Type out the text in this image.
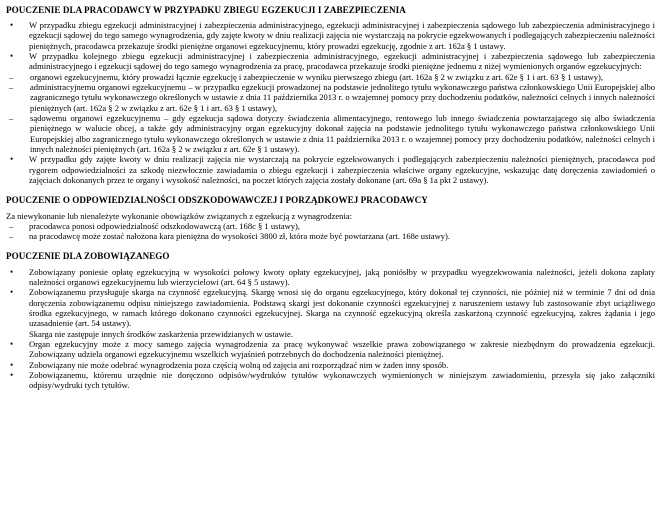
POUCZENIE DLA PRACODAWCY W PRZYPADKU ZBIEGU EGZEKUCJI I ZABEZPIECZENIA
• W przypadku zbiegu egzekucji administracyjnej i zabezpieczenia administracyjnego, egzekucji administracyjnej i zabezpieczenia sądowego lub zabezpieczenia administracyjnego i egzekucji sądowej do tego samego wynagrodzenia, gdy zajęte kwoty w dniu realizacji zajęcia nie wystarczają na pokrycie egzekwowanych i podlegających zabezpieczeniu należności pieniężnych, pracodawca przekazuje środki pieniężne organowi egzekucyjnemu, który prowadzi egzekucję, zgodnie z art. 162a § 1 ustawy.
• W przypadku kolejnego zbiegu egzekucji administracyjnej i zabezpieczenia administracyjnego, egzekucji administracyjnej i zabezpieczenia sądowego lub zabezpieczenia administracyjnego i egzekucji sądowej do tego samego wynagrodzenia za pracę, pracodawca przekazuje środki pieniężne jednemu z niżej wymienionych organów egzekucyjnych:
– organowi egzekucyjnemu, który prowadzi łącznie egzekucję i zabezpieczenie w wyniku pierwszego zbiegu (art. 162a § 2 w związku z art. 62e § 1 i art. 63 § 1 ustawy),
– administracyjnemu organowi egzekucyjnemu – w przypadku egzekucji prowadzonej na podstawie jednolitego tytułu wykonawczego państwa członkowskiego Unii Europejskiej albo zagranicznego tytułu wykonawczego określonych w ustawie z dnia 11 października 2013 r. o wzajemnej pomocy przy dochodzeniu podatków, należności celnych i innych należności pieniężnych (art. 162a § 2 w związku z art. 62e § 1 i art. 63 § 1 ustawy),
– sądowemu organowi egzekucyjnemu – gdy egzekucja sądowa dotyczy świadczenia alimentacyjnego, rentowego lub innego świadczenia powtarzającego się albo świadczenia pieniężnego w walucie obcej, a także gdy administracyjny organ egzekucyjny dokonał zajęcia na podstawie jednolitego tytułu wykonawczego państwa członkowskiego Unii Europejskiej albo zagranicznego tytułu wykonawczego określonych w ustawie z dnia 11 października 2013 r. o wzajemnej pomocy przy dochodzeniu podatków, należności celnych i innych należności pieniężnych (art. 162a § 2 w związku z art. 62e § 1 ustawy).
• W przypadku gdy zajęte kwoty w dniu realizacji zajęcia nie wystarczają na pokrycie egzekwowanych i podlegających zabezpieczeniu należności pieniężnych, pracodawca pod rygorem odpowiedzialności za szkodę niezwłocznie zawiadamia o zbiegu egzekucji i zabezpieczenia właściwe organy egzekucyjne, wskazując datę doręczenia zawiadomień o zajęciach dokonanych przez te organy i wysokość należności, na poczet których zajęcia zostały dokonane (art. 69a § 1a pkt 2 ustawy).
POUCZENIE O ODPOWIEDZIALNOŚCI ODSZKODOWAWCZEJ I PORZĄDKOWEJ PRACODAWCY

Za niewykonanie lub nienależyte wykonanie obowiązków związanych z egzekucją z wynagrodzenia:

– pracodawca ponosi odpowiedzialność odszkodowawczą (art. 168c § 1 ustawy),
– na pracodawcę może zostać nałożona kara pieniężna do wysokości 3800 zł, która może być powtarzana (art. 168e ustawy).
POUCZENIE DLA ZOBOWIĄZANEGO
• Zobowiązany poniesie opłatę egzekucyjną w wysokości połowy kwoty opłaty egzekucyjnej, jaką poniósłby w przypadku wyegzekwowania należności, jeżeli dokona zapłaty należności organowi egzekucyjnemu lub wierzycielowi (art. 64 § 5 ustawy).
• Zobowiązanemu przysługuje skarga na czynność egzekucyjną. Skargę wnosi się do organu egzekucyjnego, który dokonał tej czynności, nie później niż w terminie 7 dni od dnia doręczenia zobowiązanemu odpisu niniejszego zawiadomienia. Podstawą skargi jest dokonanie czynności egzekucyjnej z naruszeniem ustawy lub zastosowanie zbyt uciążliwego środka egzekucyjnego, w ramach którego dokonano czynności egzekucyjnej. Skarga na czynność egzekucyjną określa zaskarżoną czynność egzekucyjną, zakres żądania i jego uzasadnienie (art. 54 ustawy).
Skarga nie zastępuje innych środków zaskarżenia przewidzianych w ustawie.
• Organ egzekucyjny może z mocy samego zajęcia wynagrodzenia za pracę wykonywać wszelkie prawa zobowiązanego w zakresie niezbędnym do prowadzenia egzekucji. Zobowiązany udziela organowi egzekucyjnemu wszelkich wyjaśnień potrzebnych do dochodzenia należności pieniężnej.
• Zobowiązany nie może odebrać wynagrodzenia poza częścią wolną od zajęcia ani rozporządzać nim w żaden inny sposób.
• Zobowiązanemu, któremu urzędnie nie doręczono odpisów/wydruków tytułów wykonawczych wymienionych w niniejszym zawiadomieniu, przesyła się jako załączniki odpisy/wydruki tych tytułów.
